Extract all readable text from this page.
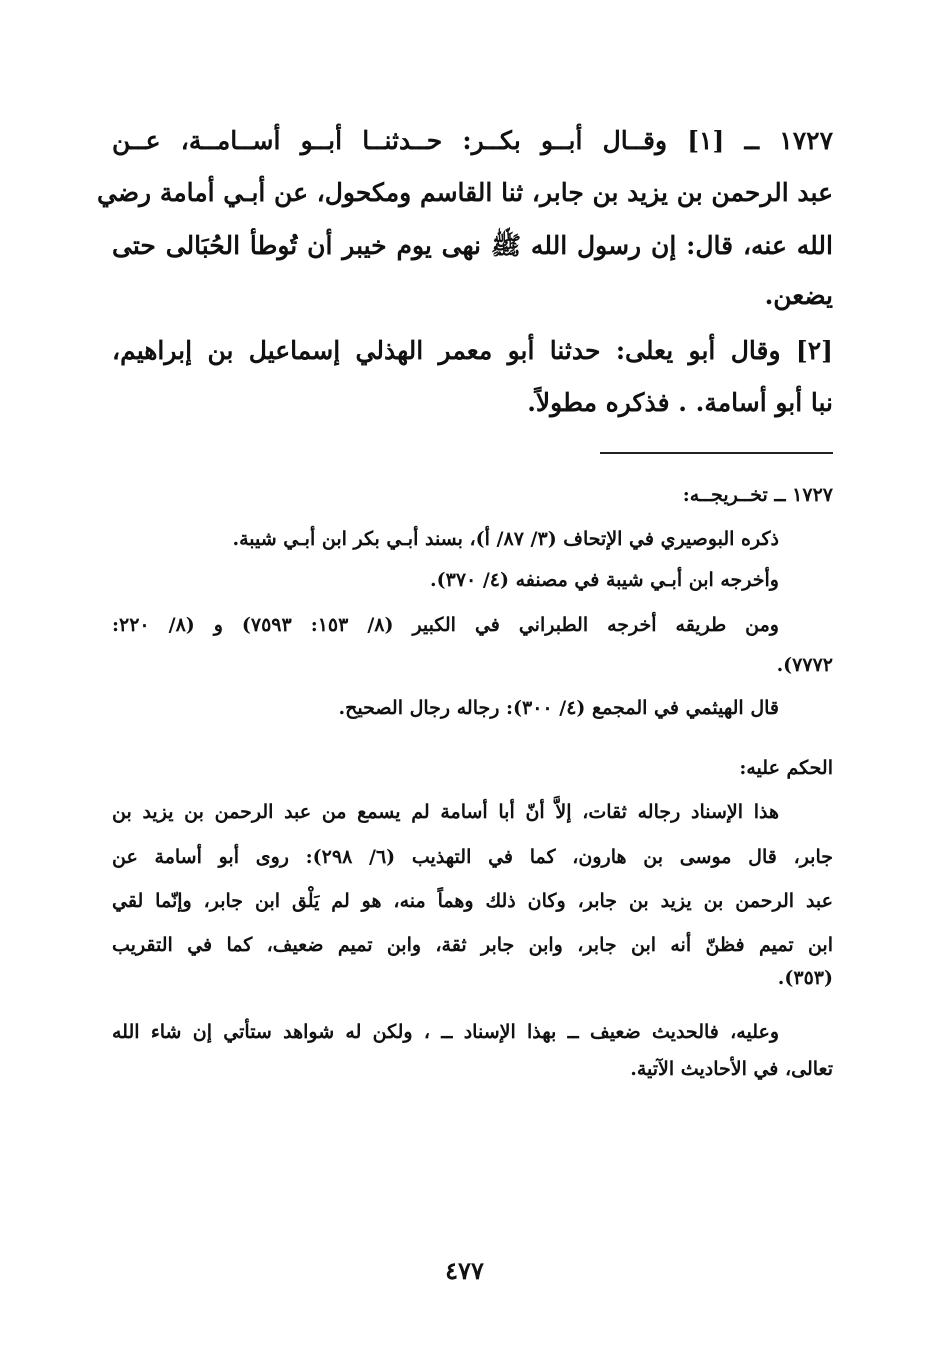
١٧٢٧ ــ [١] وقــال أبــو بكــر: حــدثنــا أبــو أســامــة، عــن
عبد الرحمن بن يزيد بن جابر، ثنا القاسم ومكحول، عن أبـي أمامة رضي
الله عنه، قال: إن رسول الله ﷺ نهى يوم خيبر أن تُوطأ الحُبَالى حتى
يضعن.
[٢] وقال أبو يعلى: حدثنا أبو معمر الهذلي إسماعيل بن إبراهيم،
نبا أبو أسامة. . فذكره مطولاً.
١٧٢٧ ــ تخــريجــه:
ذكره البوصيري في الإتحاف (٣/ ٨٧/ أ)، بسند أبـي بكر ابن أبـي شيبة.
وأخرجه ابن أبـي شيبة في مصنفه (٤/ ٣٧٠).
ومن طريقه أخرجه الطبراني في الكبير (٨/ ١٥٣: ٧٥٩٣) و (٨/ ٢٢٠:
٧٧٧٢).
قال الهيثمي في المجمع (٤/ ٣٠٠): رجاله رجال الصحيح.
الحكم عليه:
هذا الإسناد رجاله ثقات، إلاَّ أنّ أبا أسامة لم يسمع من عبد الرحمن بن يزيد بن
جابر، قال موسى بن هارون، كما في التهذيب (٦/ ٢٩٨): روى أبو أسامة عن
عبد الرحمن بن يزيد بن جابر، وكان ذلك وهماً منه، هو لم يَلْق ابن جابر، وإنّما لقي
ابن تميم فظنّ أنه ابن جابر، وابن جابر ثقة، وابن تميم ضعيف، كما في التقريب
(٣٥٣).
وعليه، فالحديث ضعيف ــ بهذا الإسناد ــ ، ولكن له شواهد ستأتي إن شاء الله
تعالى، في الأحاديث الآتية.
٤٧٧
